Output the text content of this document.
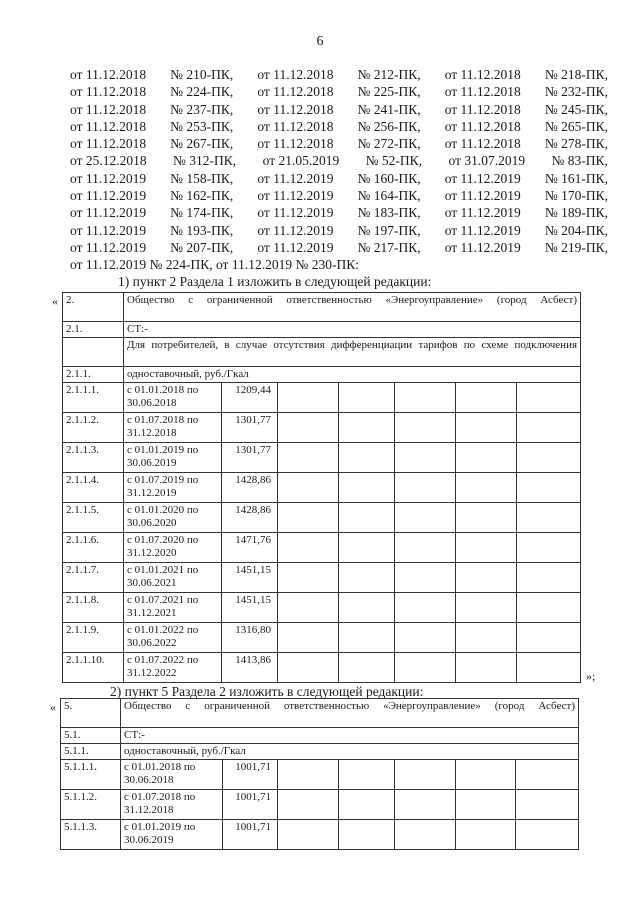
6
от 11.12.2018 № 210-ПК, от 11.12.2018 № 212-ПК, от 11.12.2018 № 218-ПК,
от 11.12.2018 № 224-ПК, от 11.12.2018 № 225-ПК, от 11.12.2018 № 232-ПК,
от 11.12.2018 № 237-ПК, от 11.12.2018 № 241-ПК, от 11.12.2018 № 245-ПК,
от 11.12.2018 № 253-ПК, от 11.12.2018 № 256-ПК, от 11.12.2018 № 265-ПК,
от 11.12.2018 № 267-ПК, от 11.12.2018 № 272-ПК, от 11.12.2018 № 278-ПК,
от 25.12.2018 № 312-ПК, от 21.05.2019 № 52-ПК, от 31.07.2019 № 83-ПК,
от 11.12.2019 № 158-ПК, от 11.12.2019 № 160-ПК, от 11.12.2019 № 161-ПК,
от 11.12.2019 № 162-ПК, от 11.12.2019 № 164-ПК, от 11.12.2019 № 170-ПК,
от 11.12.2019 № 174-ПК, от 11.12.2019 № 183-ПК, от 11.12.2019 № 189-ПК,
от 11.12.2019 № 193-ПК, от 11.12.2019 № 197-ПК, от 11.12.2019 № 204-ПК,
от 11.12.2019 № 207-ПК, от 11.12.2019 № 217-ПК, от 11.12.2019 № 219-ПК,
от 11.12.2019 № 224-ПК, от 11.12.2019 № 230-ПК:
1) пункт 2 Раздела 1 изложить в следующей редакции:
« 2.	Общество с ограниченной ответственностью «Энергоуправление» (город Асбест)						
2.1.	СТ:-						
	Для потребителей, в случае отсутствия дифференциации тарифов по схеме подключения						
2.1.1.	одноставочный, руб./Гкал						
2.1.1.1.	с 01.01.2018 по 30.06.2018	1209,44					
2.1.1.2.	с 01.07.2018 по 31.12.2018	1301,77					
2.1.1.3.	с 01.01.2019 по 30.06.2019	1301,77					
2.1.1.4.	с 01.07.2019 по 31.12.2019	1428,86					
2.1.1.5.	с 01.01.2020 по 30.06.2020	1428,86					
2.1.1.6.	с 01.07.2020 по 31.12.2020	1471,76					
2.1.1.7.	с 01.01.2021 по 30.06.2021	1451,15					
2.1.1.8.	с 01.07.2021 по 31.12.2021	1451,15					
2.1.1.9.	с 01.01.2022 по 30.06.2022	1316,80					
2.1.1.10.	с 01.07.2022 по 31.12.2022	1413,86					
»;
2) пункт 5 Раздела 2 изложить в следующей редакции:
« 5.	Общество с ограниченной ответственностью «Энергоуправление» (город Асбест)						
5.1.	СТ:-						
5.1.1.	одноставочный, руб./Гкал						
5.1.1.1.	с 01.01.2018 по 30.06.2018	1001,71					
5.1.1.2.	с 01.07.2018 по 31.12.2018	1001,71					
5.1.1.3.	с 01.01.2019 по 30.06.2019	1001,71					
